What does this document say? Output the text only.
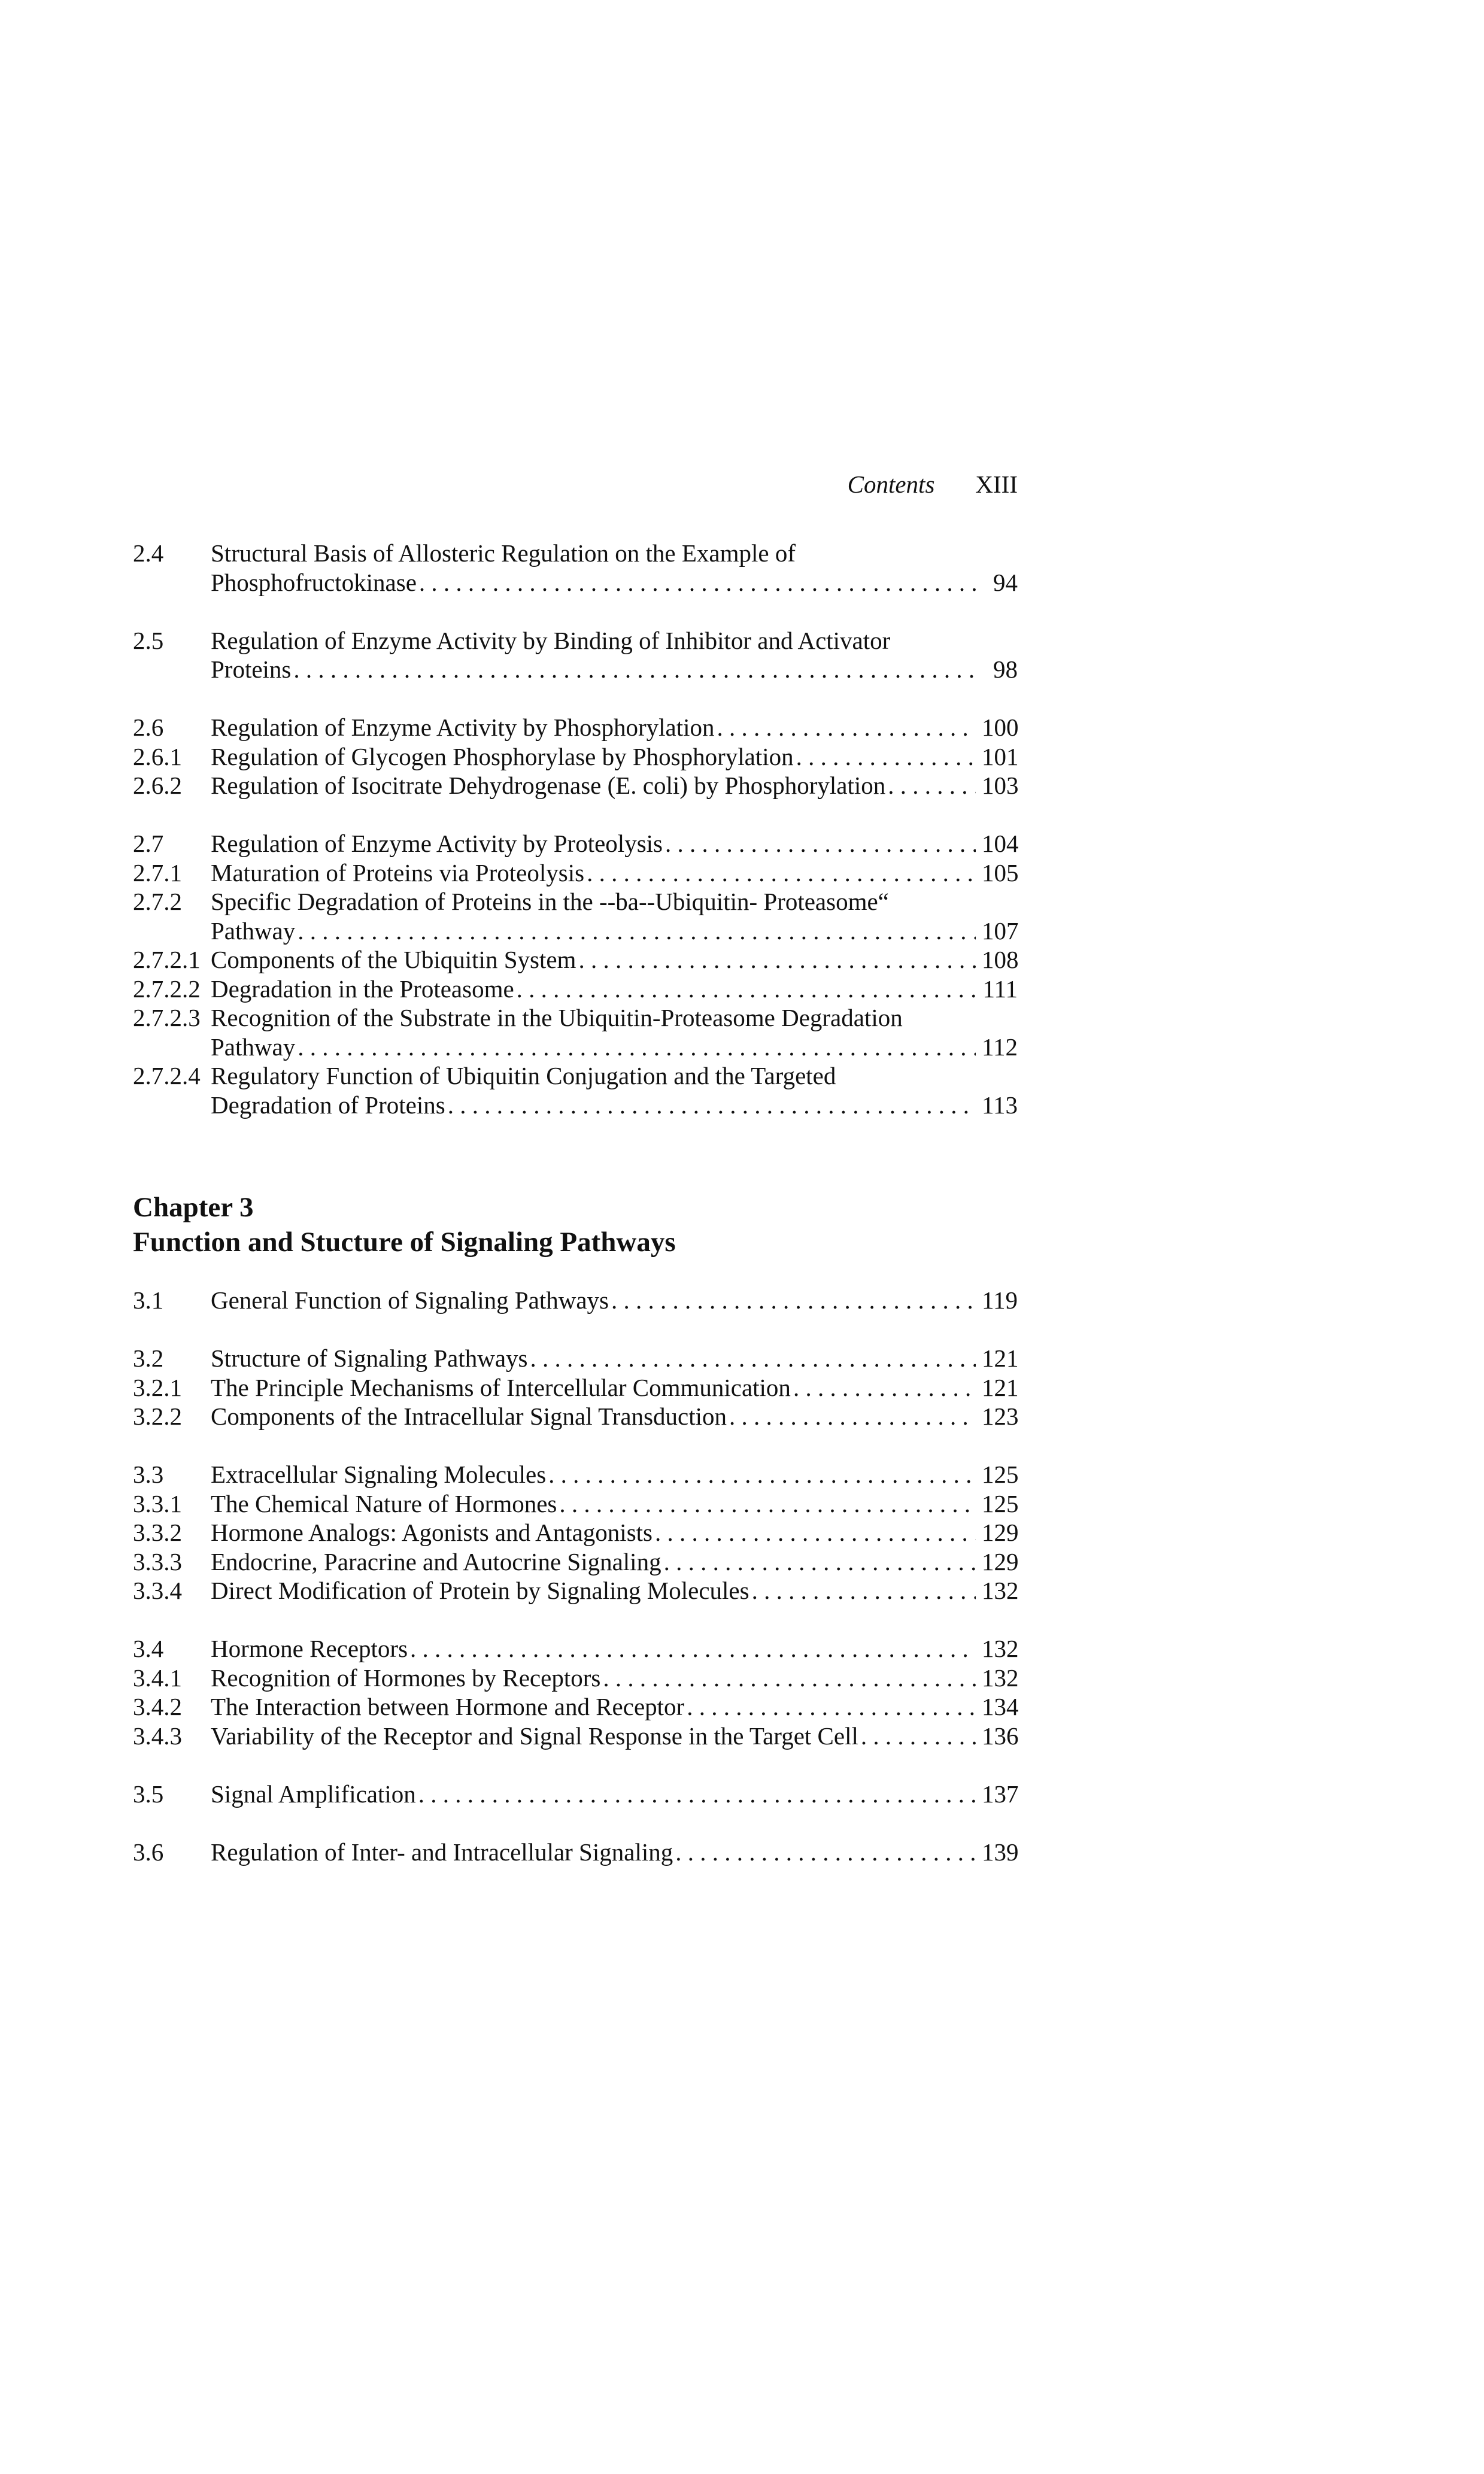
Contents XIII
2.4	Structural Basis of Allosteric Regulation on the Example of
Phosphofructokinase . . .	94
2.5	Regulation of Enzyme Activity by Binding of Inhibitor and Activator
Proteins . . .	98
2.6	Regulation of Enzyme Activity by Phosphorylation . . .	100
2.6.1	Regulation of Glycogen Phosphorylase by Phosphorylation . . .	101
2.6.2	Regulation of Isocitrate Dehydrogenase (E. coli) by Phosphorylation . . .	103
2.7	Regulation of Enzyme Activity by Proteolysis . . .	104
2.7.1	Maturation of Proteins via Proteolysis . . .	105
2.7.2	Specific Degradation of Proteins in the --ba--Ubiquitin- Proteasome“
Pathway . . .	107
2.7.2.1 Components of the Ubiquitin System . . .	108
2.7.2.2 Degradation in the Proteasome . . .	111
2.7.2.3 Recognition of the Substrate in the Ubiquitin-Proteasome Degradation
Pathway . . .	112
2.7.2.4 Regulatory Function of Ubiquitin Conjugation and the Targeted
Degradation of Proteins . . .	113
Chapter 3
Function and Stucture of Signaling Pathways
3.1	General Function of Signaling Pathways . . .	119
3.2	Structure of Signaling Pathways . . .	121
3.2.1	The Principle Mechanisms of Intercellular Communication . . .	121
3.2.2	Components of the Intracellular Signal Transduction . . .	123
3.3	Extracellular Signaling Molecules . . .	125
3.3.1	The Chemical Nature of Hormones . . .	125
3.3.2	Hormone Analogs: Agonists and Antagonists . . .	129
3.3.3	Endocrine, Paracrine and Autocrine Signaling . . .	129
3.3.4	Direct Modification of Protein by Signaling Molecules . . .	132
3.4	Hormone Receptors . . .	132
3.4.1	Recognition of Hormones by Receptors . . .	132
3.4.2	The Interaction between Hormone and Receptor . . .	134
3.4.3	Variability of the Receptor and Signal Response in the Target Cell . . .	136
3.5	Signal Amplification . . .	137
3.6	Regulation of Inter- and Intracellular Signaling . . .	139
